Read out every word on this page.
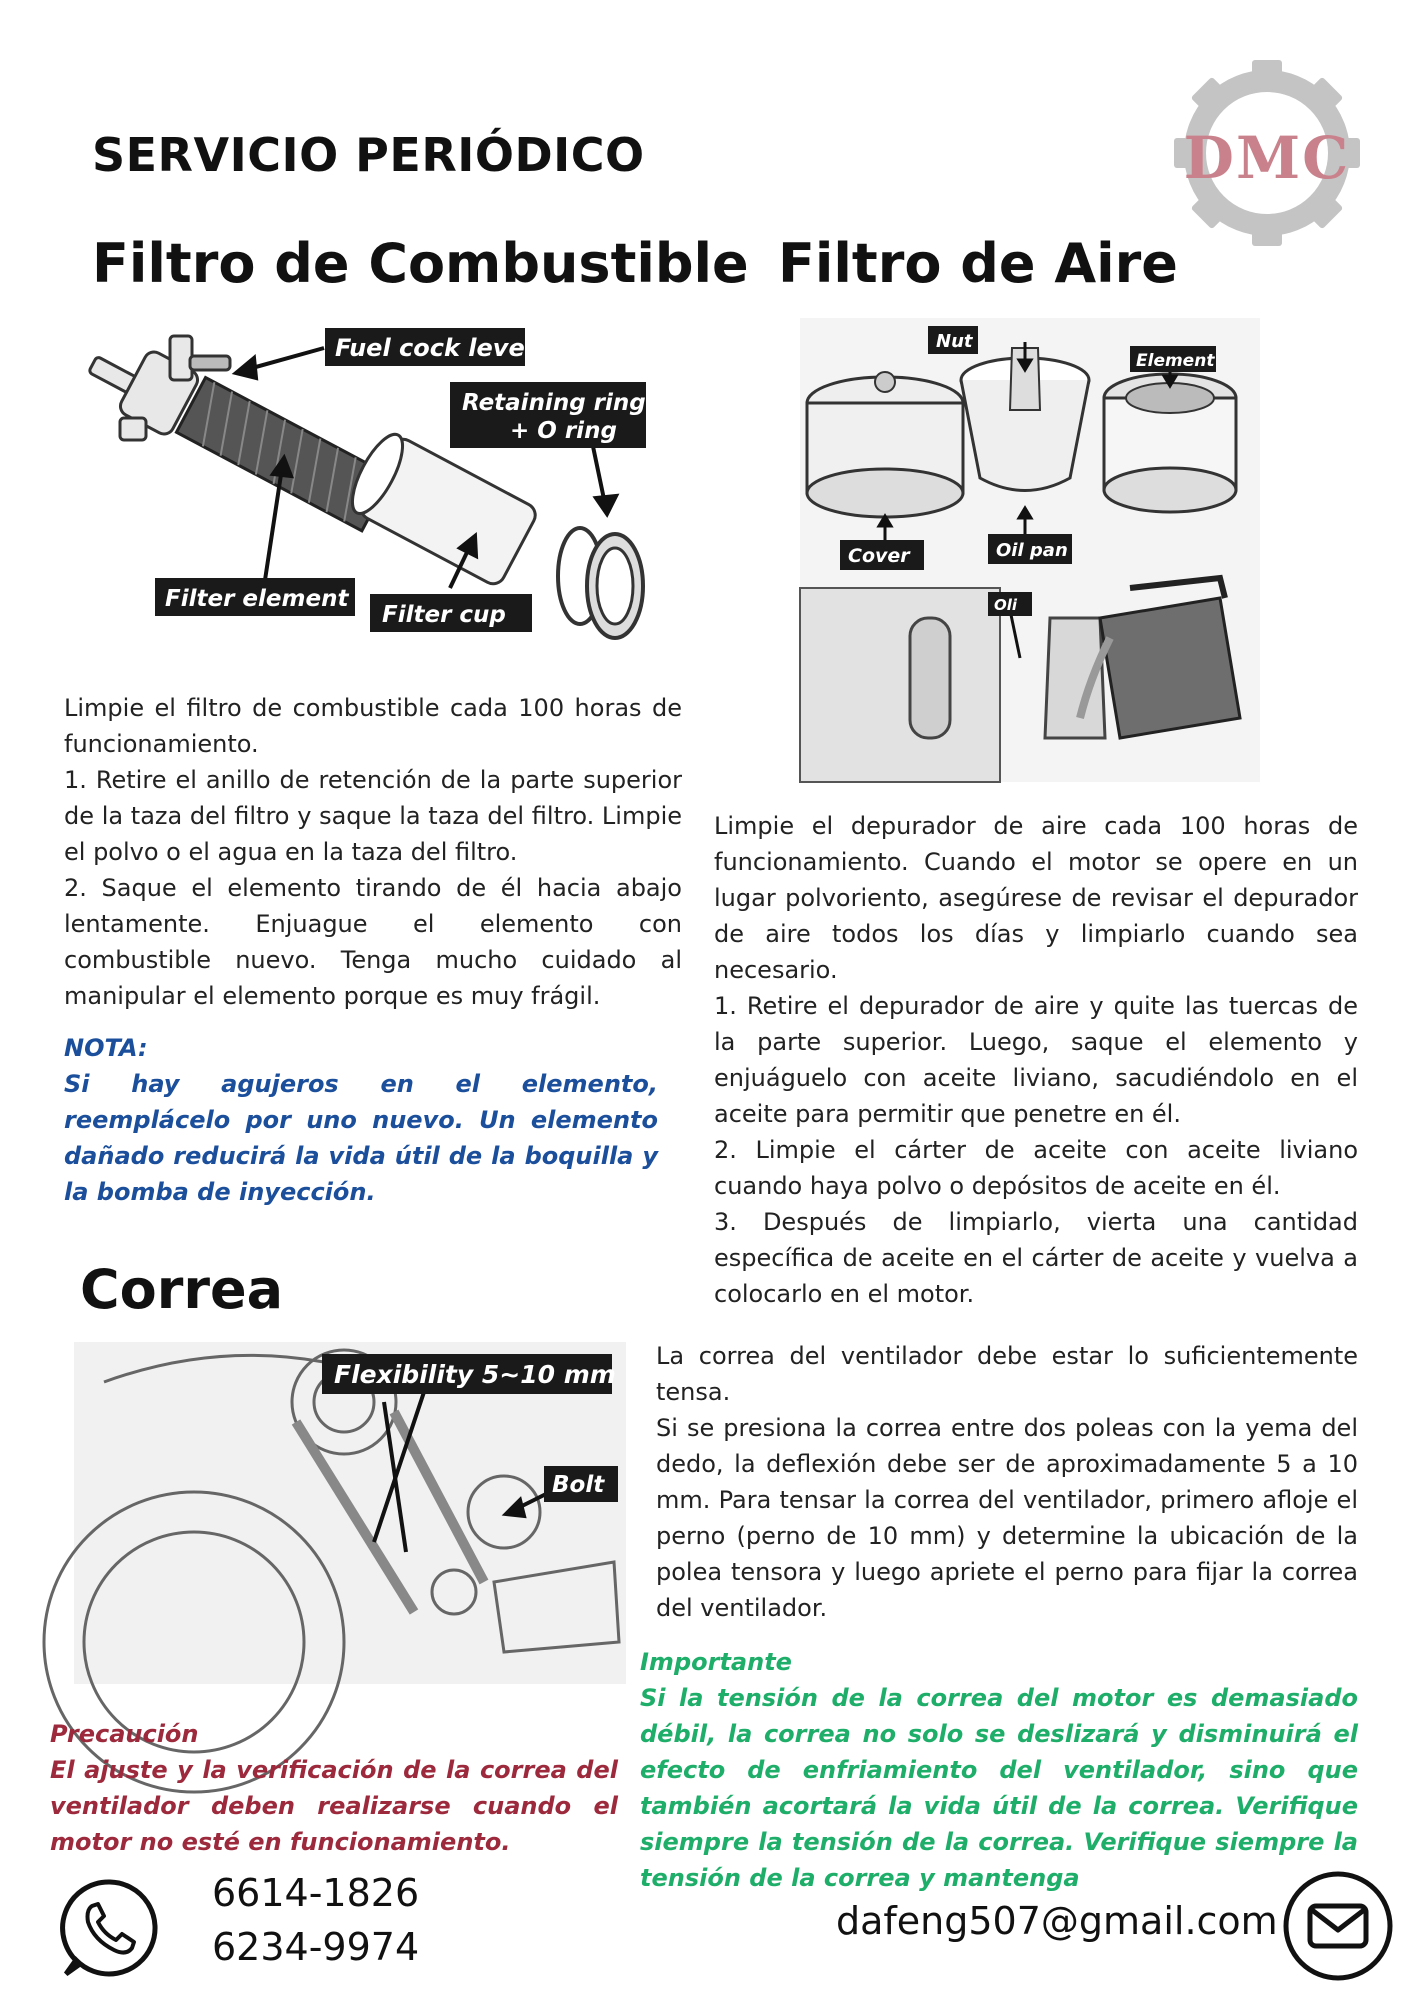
SERVICIO PERIÓDICO	DMC
Filtro de Combustible Filtro de Aire
Fuel cock lever
Retaining ring
+ O ring
Filter element
Filter cup
Nut
Element
Cover	Oil pan
Oli

Limpie el filtro de combustible cada 100 horas de funcionamiento.

1. Retire el anillo de retención de la parte superior de la taza del filtro y saque la taza del filtro. Limpie el polvo o el agua en la taza del filtro.

2. Saque el elemento tirando de él hacia abajo lentamente. Enjuague el elemento con combustible nuevo. Tenga mucho cuidado al manipular el elemento porque es muy frágil.

NOTA:

Si hay agujeros en el elemento, reemplácelo por uno nuevo. Un elemento dañado reducirá la vida útil de la boquilla y la bomba de inyección.

Limpie el depurador de aire cada 100 horas de funcionamiento. Cuando el motor se opere en un lugar polvoriento, asegúrese de revisar el depurador de aire todos los días y limpiarlo cuando sea necesario.

1. Retire el depurador de aire y quite las tuercas de la parte superior. Luego, saque el elemento y enjuáguelo con aceite liviano, sacudiéndolo en el aceite para permitir que penetre en él.

2. Limpie el cárter de aceite con aceite liviano cuando haya polvo o depósitos de aceite en él.

3. Después de limpiarlo, vierta una cantidad específica de aceite en el cárter de aceite y vuelva a colocarlo en el motor.

Correa
Flexibility 5~10 mm
Bolt

La correa del ventilador debe estar lo suficientemente tensa.

Si se presiona la correa entre dos poleas con la yema del dedo, la deflexión debe ser de aproximadamente 5 a 10 mm. Para tensar la correa del ventilador, primero afloje el perno (perno de 10 mm) y determine la ubicación de la polea tensora y luego apriete el perno para fijar la correa del ventilador.

Importante

Si la tensión de la correa del motor es demasiado débil, la correa no solo se deslizará y disminuirá el efecto de enfriamiento del ventilador, sino que también acortará la vida útil de la correa. Verifique siempre la tensión de la correa. Verifique siempre la tensión de la correa y mantenga

Precaución

El ajuste y la verificación de la correa del ventilador deben realizarse cuando el motor no esté en funcionamiento.

6614-1826
6234-9974
dafeng507@gmail.com
